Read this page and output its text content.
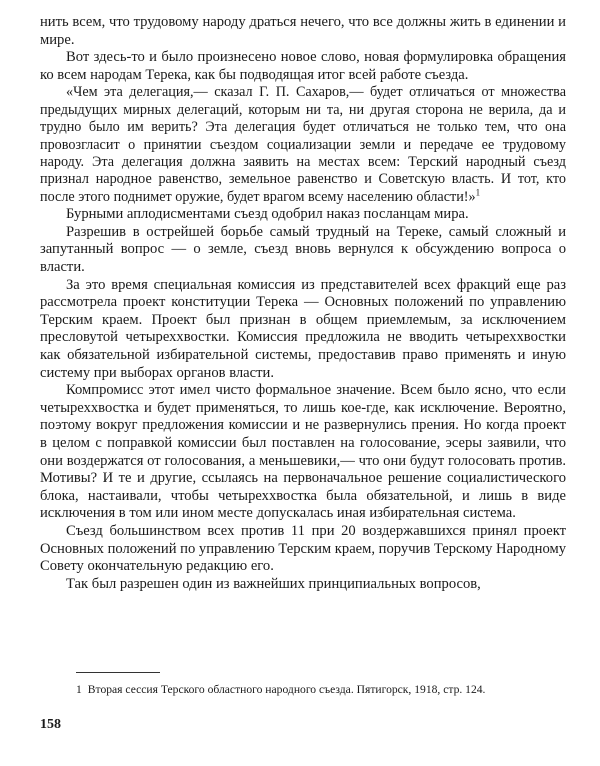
нить всем, что трудовому народу драться нечего, что все должны жить в единении и мире.

Вот здесь-то и было произнесено новое слово, новая формулировка обращения ко всем народам Терека, как бы подводящая итог всей работе съезда.

«Чем эта делегация,— сказал Г. П. Сахаров,— будет отличаться от множества предыдущих мирных делегаций, которым ни та, ни другая сторона не верила, да и трудно было им верить? Эта делегация будет отличаться не только тем, что она провозгласит о принятии съездом социализации земли и передаче ее трудовому народу. Эта делегация должна заявить на местах всем: Терский народный съезд признал народное равенство, земельное равенство и Советскую власть. И тот, кто после этого поднимет оружие, будет врагом всему населению области!»$^1$

Бурными аплодисментами съезд одобрил наказ посланцам мира.

Разрешив в острейшей борьбе самый трудный на Тереке, самый сложный и запутанный вопрос — о земле, съезд вновь вернулся к обсуждению вопроса о власти.

За это время специальная комиссия из представителей всех фракций еще раз рассмотрела проект конституции Терека — Основных положений по управлению Терским краем. Проект был признан в общем приемлемым, за исключением пресловутой четыреххвостки. Комиссия предложила не вводить четыреххвостки как обязательной избирательной системы, предоставив право применять и иную систему при выборах органов власти.

Компромисс этот имел чисто формальное значение. Всем было ясно, что если четыреххвостка и будет применяться, то лишь кое-где, как исключение. Вероятно, поэтому вокруг предложения комиссии и не развернулись прения. Но когда проект в целом с поправкой комиссии был поставлен на голосование, эсеры заявили, что они воздержатся от голосования, а меньшевики,— что они будут голосовать против. Мотивы? И те и другие, ссылаясь на первоначальное решение социалистического блока, настаивали, чтобы четыреххвостка была обязательной, и лишь в виде исключения в том или ином месте допускалась иная избирательная система.

Съезд большинством всех против 11 при 20 воздержавшихся принял проект Основных положений по управлению Терским краем, поручив Терскому Народному Совету окончательную редакцию его.

Так был разрешен один из важнейших принципиальных вопросов,

1 Вторая сессия Терского областного народного съезда. Пятигорск, 1918, стр. 124.
158
